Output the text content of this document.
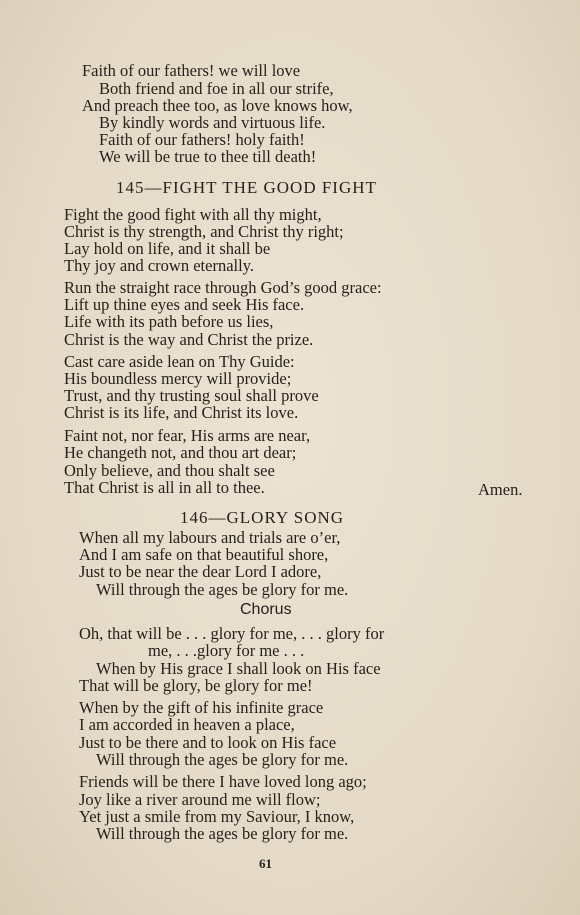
Faith of our fathers! we will love
Both friend and foe in all our strife,
And preach thee too, as love knows how,
By kindly words and virtuous life.
Faith of our fathers! holy faith!
We will be true to thee till death!
145—FIGHT THE GOOD FIGHT
Fight the good fight with all thy might,
Christ is thy strength, and Christ thy right;
Lay hold on life, and it shall be
Thy joy and crown eternally.
Run the straight race through God’s good grace:
Lift up thine eyes and seek His face.
Life with its path before us lies,
Christ is the way and Christ the prize.
Cast care aside lean on Thy Guide:
His boundless mercy will provide;
Trust, and thy trusting soul shall prove
Christ is its life, and Christ its love.
Faint not, nor fear, His arms are near,
He changeth not, and thou art dear;
Only believe, and thou shalt see
That Christ is all in all to thee.	Amen.
146—GLORY SONG
When all my labours and trials are o’er,
And I am safe on that beautiful shore,
Just to be near the dear Lord I adore,
Will through the ages be glory for me.
Chorus
Oh, that will be . . . glory for me, . . . glory for
me, . . .glory for me . . .
When by His grace I shall look on His face
That will be glory, be glory for me!
When by the gift of his infinite grace
I am accorded in heaven a place,
Just to be there and to look on His face
Will through the ages be glory for me.
Friends will be there I have loved long ago;
Joy like a river around me will flow;
Yet just a smile from my Saviour, I know,
Will through the ages be glory for me.
61
